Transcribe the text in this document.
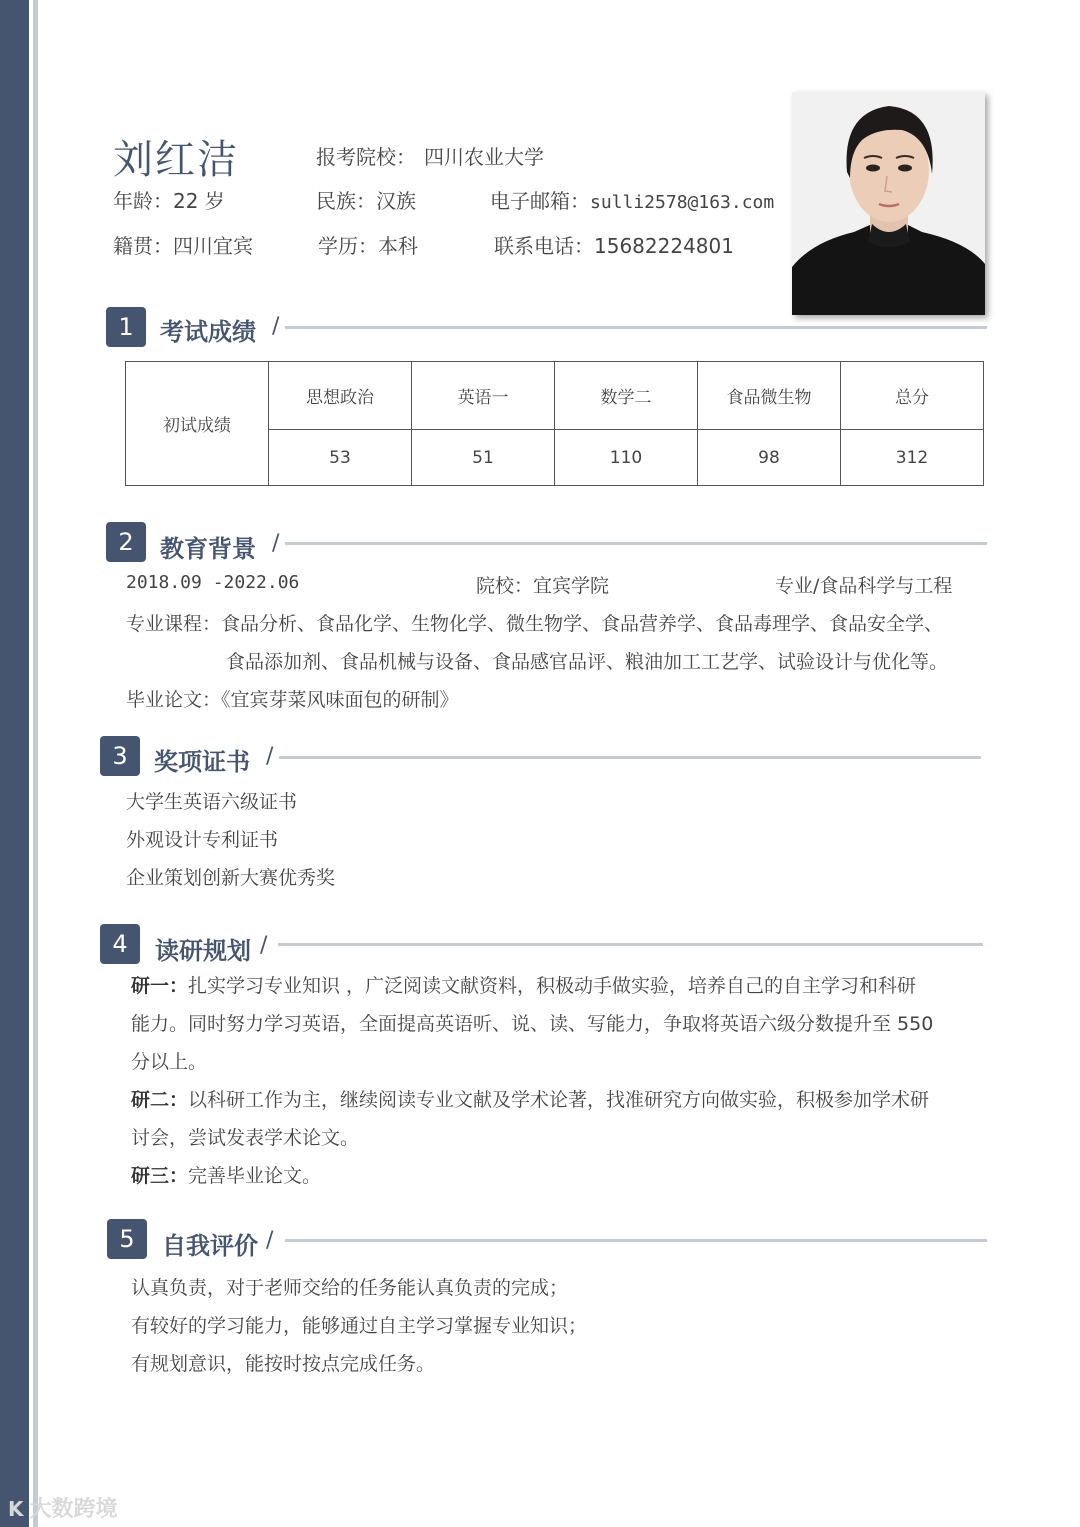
刘红洁	报考院校： 四川农业大学
年龄：22 岁	民族：汉族	电子邮箱：sulli2578@163.com
籍贯：四川宜宾	学历：本科	联系电话：15682224801
1	考试成绩 /
初试成绩	思想政治	英语一	数学二	食品微生物	总分
	53	51	110	98	312
2	教育背景 /
2018.09 -2022.06	院校：宜宾学院	专业/食品科学与工程
专业课程：食品分析、食品化学、生物化学、微生物学、食品营养学、食品毒理学、食品安全学、
食品添加剂、食品机械与设备、食品感官品评、粮油加工工艺学、试验设计与优化等。
毕业论文：《宜宾芽菜风味面包的研制》
3	奖项证书 /
大学生英语六级证书
外观设计专利证书
企业策划创新大赛优秀奖
4	读研规划 /
研一：扎实学习专业知识 ，广泛阅读文献资料，积极动手做实验，培养自己的自主学习和科研
能力。同时努力学习英语，全面提高英语听、说、读、写能力，争取将英语六级分数提升至 550
分以上。
研二：以科研工作为主，继续阅读专业文献及学术论著，找准研究方向做实验，积极参加学术研
讨会，尝试发表学术论文。
研三：完善毕业论文。
5	自我评价 /
认真负责，对于老师交给的任务能认真负责的完成；
有较好的学习能力，能够通过自主学习掌握专业知识；
有规划意识，能按时按点完成任务。
K 大数跨境
